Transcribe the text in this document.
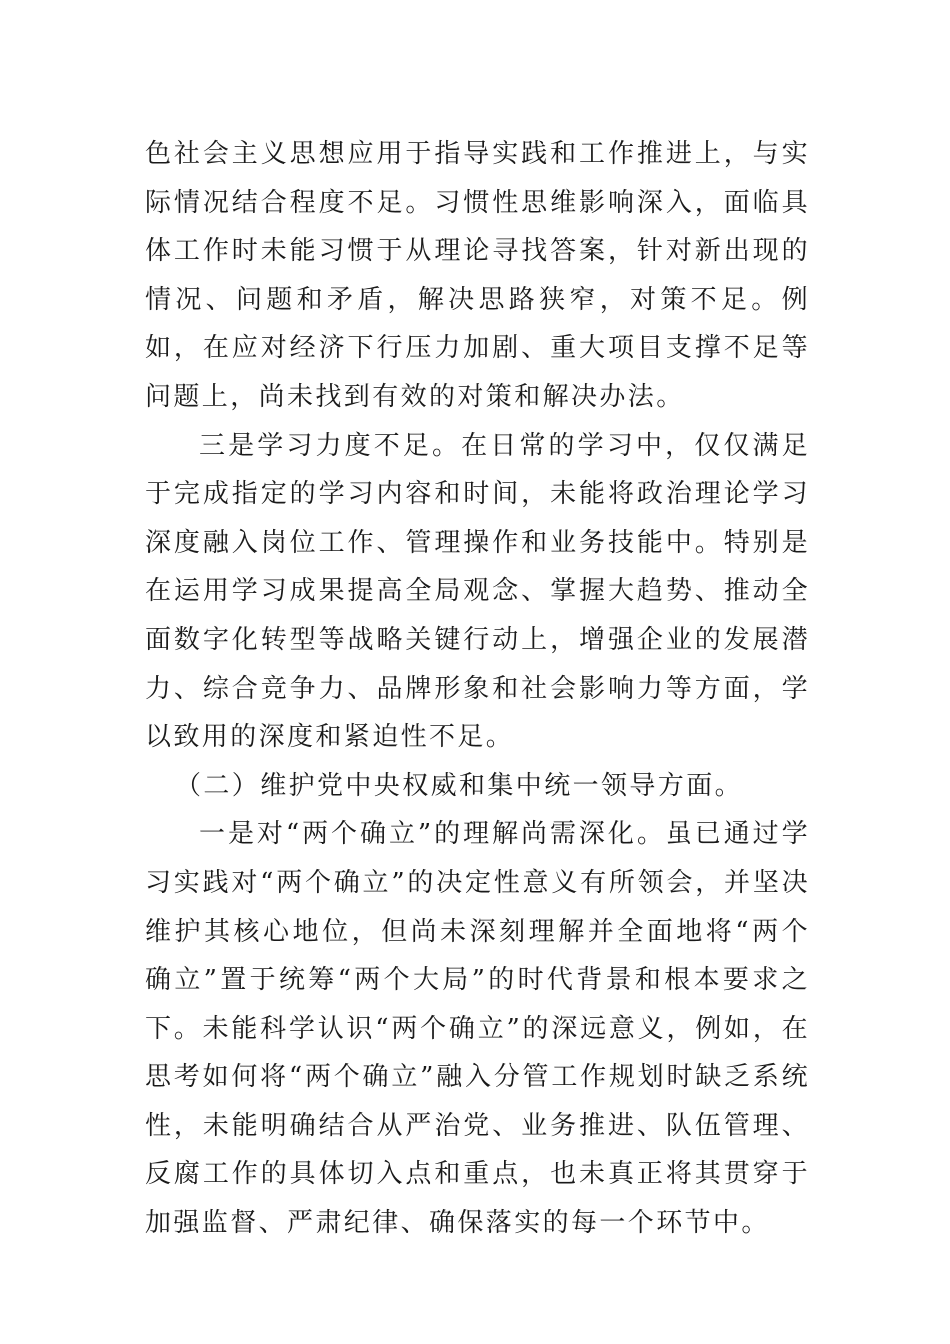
色社会主义思想应用于指导实践和工作推进上，与实际情况结合程度不足。习惯性思维影响深入，面临具体工作时未能习惯于从理论寻找答案，针对新出现的情况、问题和矛盾，解决思路狭窄，对策不足。例如，在应对经济下行压力加剧、重大项目支撑不足等问题上，尚未找到有效的对策和解决办法。

三是学习力度不足。在日常的学习中，仅仅满足于完成指定的学习内容和时间，未能将政治理论学习深度融入岗位工作、管理操作和业务技能中。特别是在运用学习成果提高全局观念、掌握大趋势、推动全面数字化转型等战略关键行动上，增强企业的发展潜力、综合竞争力、品牌形象和社会影响力等方面，学以致用的深度和紧迫性不足。

（二）维护党中央权威和集中统一领导方面。

一是对“两个确立”的理解尚需深化。虽已通过学习实践对“两个确立”的决定性意义有所领会，并坚决维护其核心地位，但尚未深刻理解并全面地将“两个确立”置于统筹“两个大局”的时代背景和根本要求之下。未能科学认识“两个确立”的深远意义，例如，在思考如何将“两个确立”融入分管工作规划时缺乏系统性，未能明确结合从严治党、业务推进、队伍管理、反腐工作的具体切入点和重点，也未真正将其贯穿于加强监督、严肃纪律、确保落实的每一个环节中。
